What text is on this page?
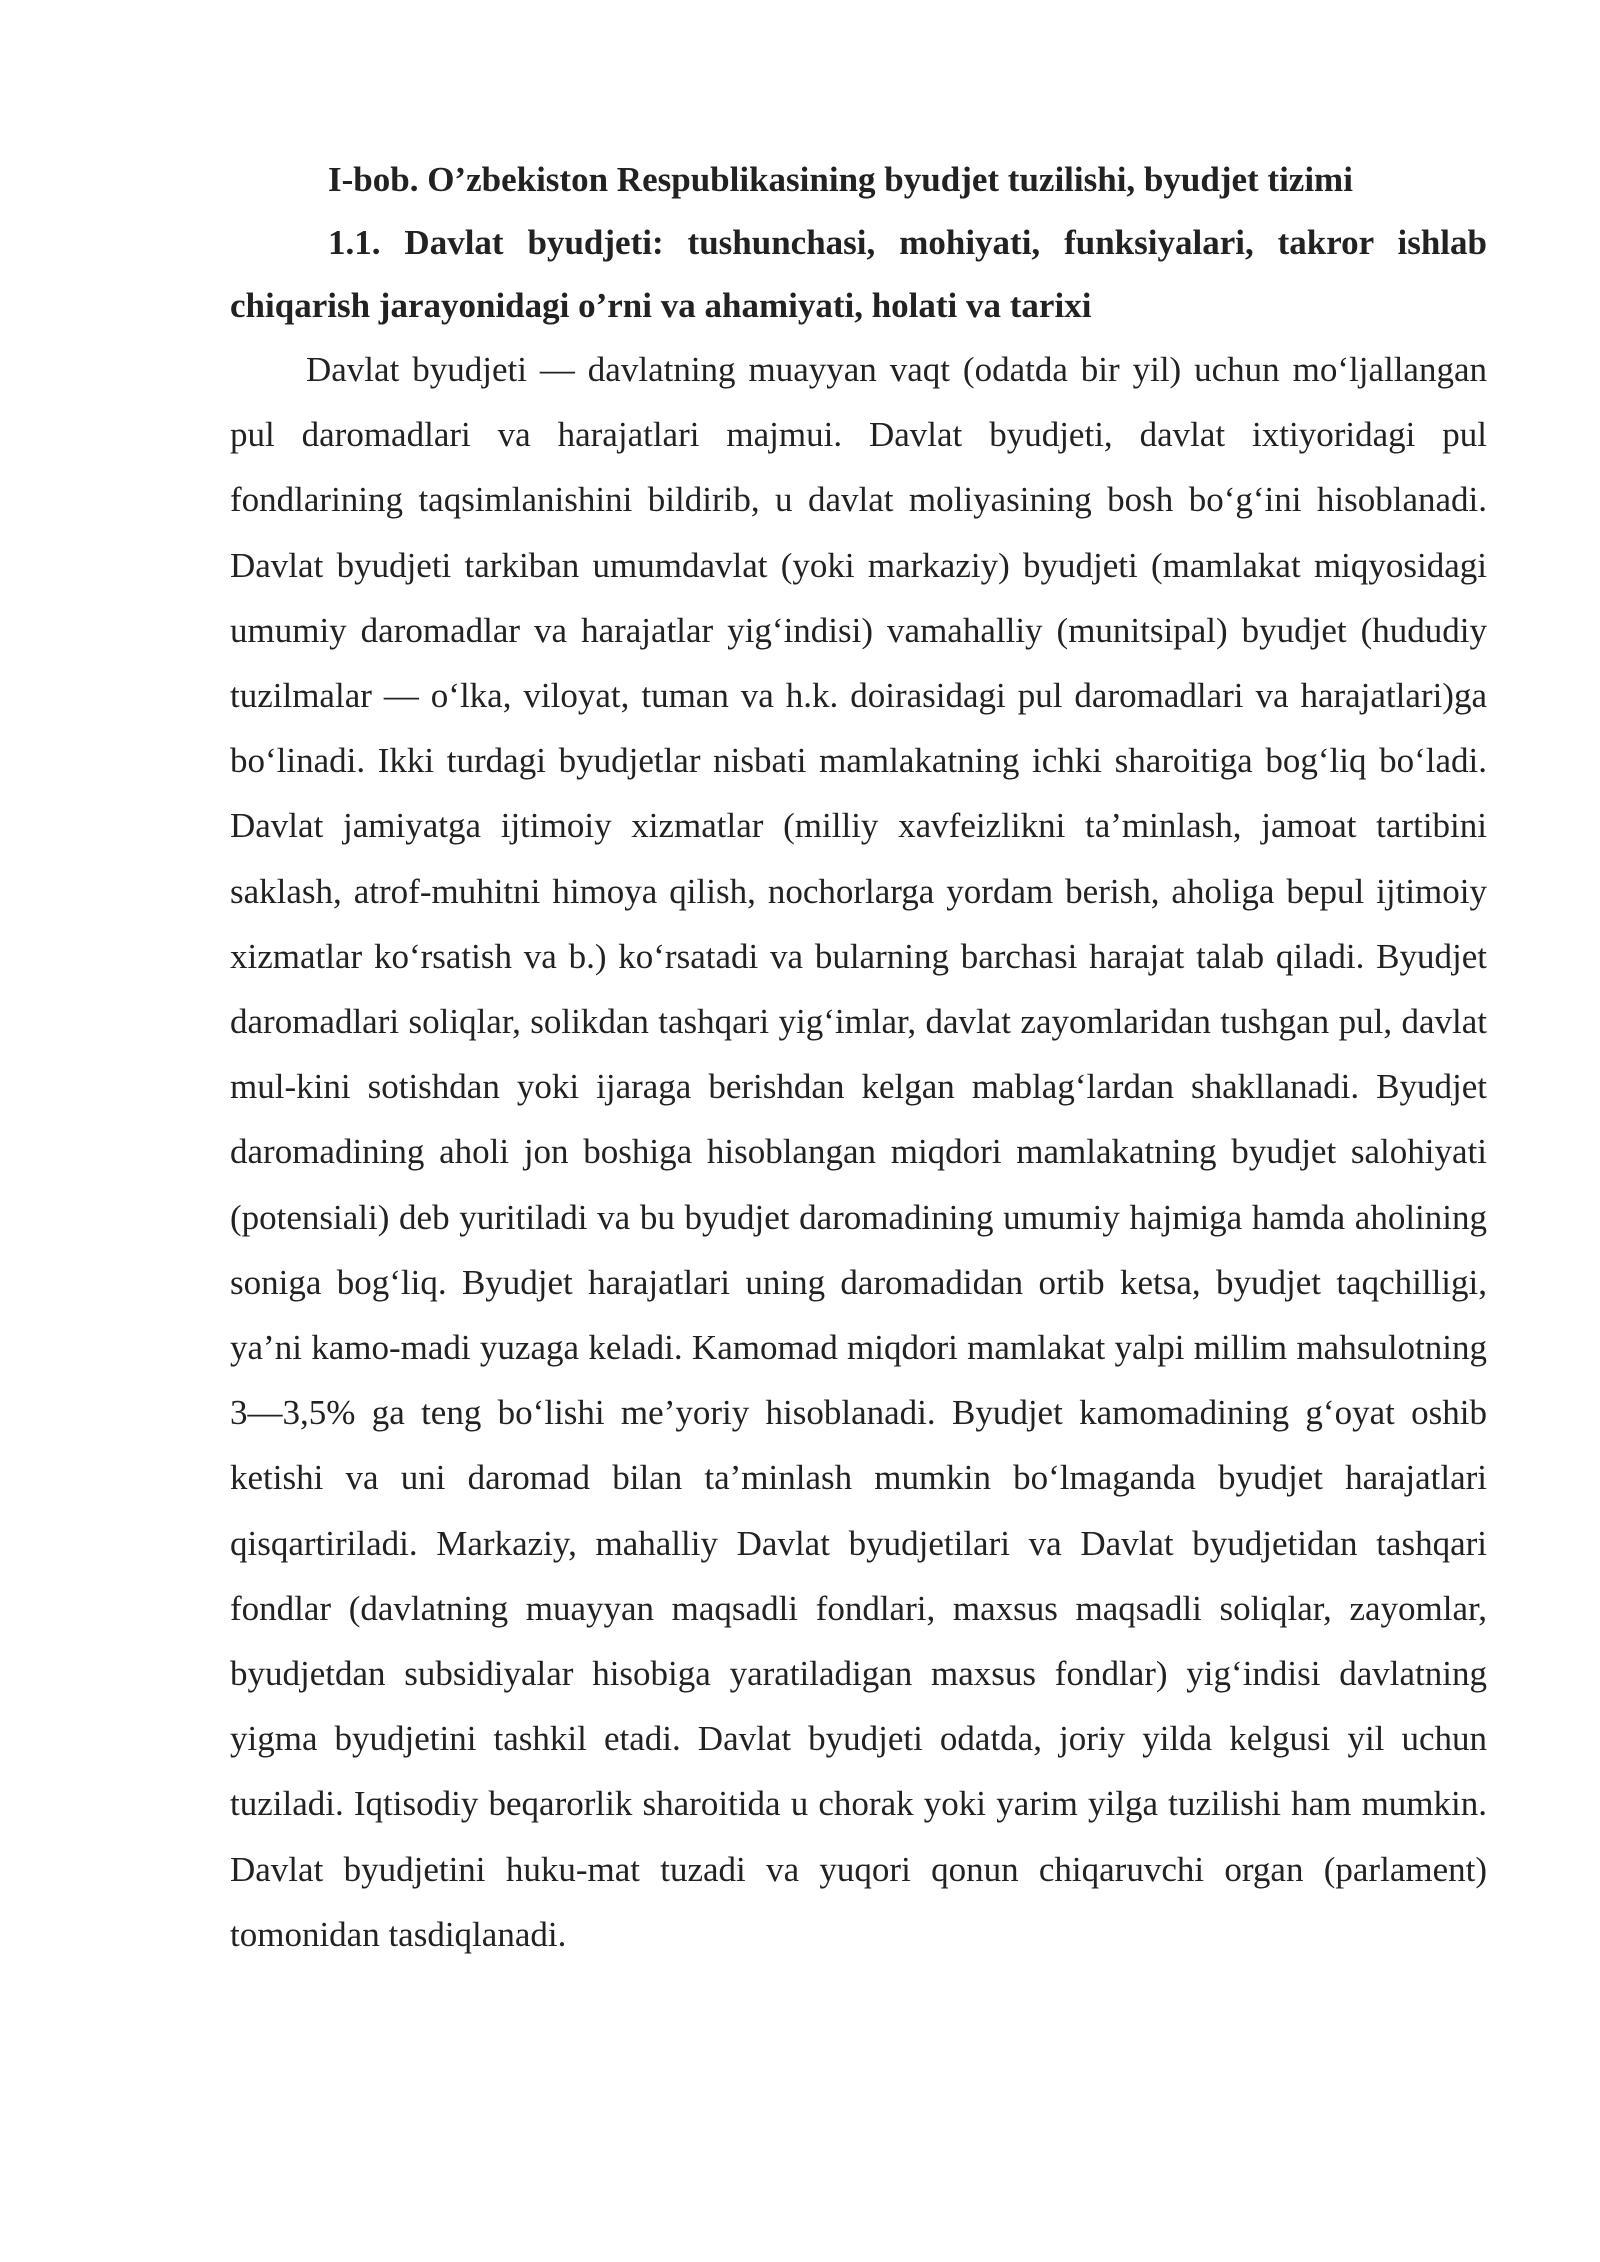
I-bob. O’zbekiston Respublikasining byudjet tuzilishi, byudjet tizimi

1.1. Davlat byudjeti: tushunchasi, mohiyati, funksiyalari, takror ishlab chiqarish jarayonidagi o’rni va ahamiyati, holati va tarixi

Davlat byudjeti — davlatning muayyan vaqt (odatda bir yil) uchun mo‘ljallangan pul daromadlari va harajatlari majmui. Davlat byudjeti, davlat ixtiyoridagi pul fondlarining taqsimlanishini bildirib, u davlat moliyasining bosh bo‘g‘ini hisoblanadi. Davlat byudjeti tarkiban umumdavlat (yoki markaziy) byudjeti (mamlakat miqyosidagi umumiy daromadlar va harajatlar yig‘indisi) vamahalliy (munitsipal) byudjet (hududiy tuzilmalar — o‘lka, viloyat, tuman va h.k. doirasidagi pul daromadlari va harajatlari)ga bo‘linadi. Ikki turdagi byudjetlar nisbati mamlakatning ichki sharoitiga bog‘liq bo‘ladi. Davlat jamiyatga ijtimoiy xizmatlar (milliy xavfeizlikni ta’minlash, jamoat tartibini saklash, atrof-muhitni himoya qilish, nochorlarga yordam berish, aholiga bepul ijtimoiy xizmatlar ko‘rsatish va b.) ko‘rsatadi va bularning barchasi harajat talab qiladi. Byudjet daromadlari soliqlar, solikdan tashqari yig‘imlar, davlat zayomlaridan tushgan pul, davlat mul-kini sotishdan yoki ijaraga berishdan kelgan mablag‘lardan shakllanadi. Byudjet daromadining aholi jon boshiga hisoblangan miqdori mamlakatning byudjet salohiyati (potensiali) deb yuritiladi va bu byudjet daromadining umumiy hajmiga hamda aholining soniga bog‘liq. Byudjet harajatlari uning daromadidan ortib ketsa, byudjet taqchilligi, ya’ni kamo-madi yuzaga keladi. Kamomad miqdori mamlakat yalpi millim mahsulotning 3—3,5% ga teng bo‘lishi me’yoriy hisoblanadi. Byudjet kamomadining g‘oyat oshib ketishi va uni daromad bilan ta’minlash mumkin bo‘lmaganda byudjet harajatlari qisqartiriladi. Markaziy, mahalliy Davlat byudjetilari va Davlat byudjetidan tashqari fondlar (davlatning muayyan maqsadli fondlari, maxsus maqsadli soliqlar, zayomlar, byudjetdan subsidiyalar hisobiga yaratiladigan maxsus fondlar) yig‘indisi davlatning yigma byudjetini tashkil etadi. Davlat byudjeti odatda, joriy yilda kelgusi yil uchun tuziladi. Iqtisodiy beqarorlik sharoitida u chorak yoki yarim yilga tuzilishi ham mumkin. Davlat byudjetini huku-mat tuzadi va yuqori qonun chiqaruvchi organ (parlament) tomonidan tasdiqlanadi.
